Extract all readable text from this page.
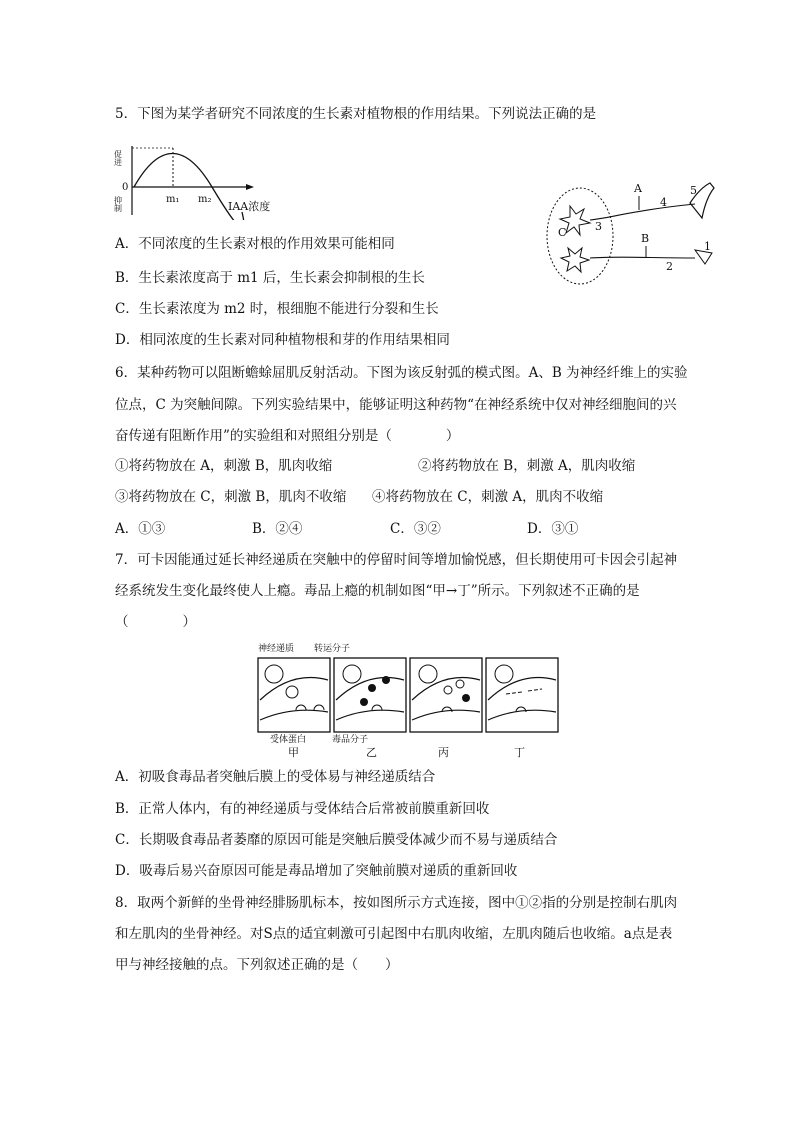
5．下图为某学者研究不同浓度的生长素对植物根的作用结果。下列说法正确的是
促进
0
抑制	m₁ m₂
IAA浓度
A
B
C
1
2
3
4
5
A．不同浓度的生长素对根的作用效果可能相同
B．生长素浓度高于 m1 后，生长素会抑制根的生长
C．生长素浓度为 m2 时，根细胞不能进行分裂和生长
D．相同浓度的生长素对同种植物根和芽的作用结果相同
6．某种药物可以阻断蟾蜍屈肌反射活动。下图为该反射弧的模式图。A、B 为神经纤维上的实验
位点，C 为突触间隙。下列实验结果中，能够证明这种药物“在神经系统中仅对神经细胞间的兴
奋传递有阻断作用”的实验组和对照组分别是（　　　　）
①将药物放在 A，刺激 B，肌肉收缩	②将药物放在 B，刺激 A，肌肉收缩
③将药物放在 C，刺激 B，肌肉不收缩 ④将药物放在 C，刺激 A，肌肉不收缩
A．①③	B．②④	C．③②	D．③①
7．可卡因能通过延长神经递质在突触中的停留时间等增加愉悦感，但长期使用可卡因会引起神
经系统发生变化最终使人上瘾。毒品上瘾的机制如图“甲→丁”所示。下列叙述不正确的是
（　　　　）
神经递质 转运分子
受体蛋白	毒品分子
甲	乙	丙	丁
A．初吸食毒品者突触后膜上的受体易与神经递质结合
B．正常人体内，有的神经递质与受体结合后常被前膜重新回收
C．长期吸食毒品者萎靡的原因可能是突触后膜受体减少而不易与递质结合
D．吸毒后易兴奋原因可能是毒品增加了突触前膜对递质的重新回收
8．取两个新鲜的坐骨神经腓肠肌标本，按如图所示方式连接，图中①②指的分别是控制右肌肉
和左肌肉的坐骨神经。对S点的适宜刺激可引起图中右肌肉收缩，左肌肉随后也收缩。a点是表
甲与神经接触的点。下列叙述正确的是（　　）
